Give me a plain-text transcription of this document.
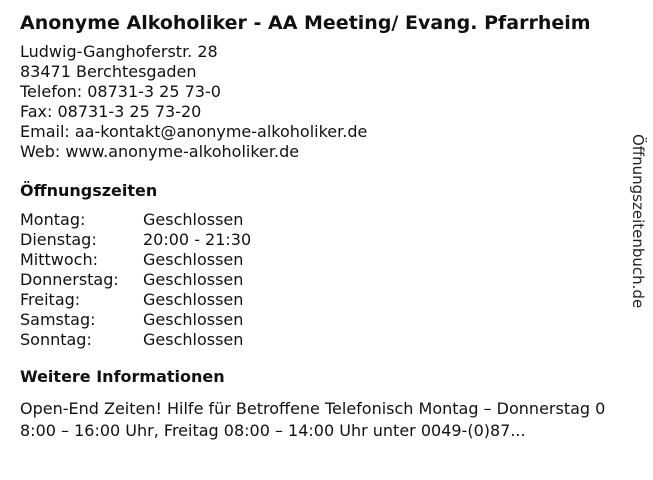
Anonyme Alkoholiker - AA Meeting/ Evang. Pfarrheim
Ludwig-Ganghoferstr. 28
83471 Berchtesgaden
Telefon: 08731-3 25 73-0
Fax: 08731-3 25 73-20
Email: aa-kontakt@anonyme-alkoholiker.de
Web: www.anonyme-alkoholiker.de
Öffnungszeiten
Montag:	Geschlossen
Dienstag:	20:00 - 21:30
Mittwoch:	Geschlossen
Donnerstag:	Geschlossen
Freitag:	Geschlossen
Samstag:	Geschlossen
Sonntag:	Geschlossen
Weitere Informationen
Open-End Zeiten! Hilfe für Betroffene Telefonisch Montag – Donnerstag 08:00 – 16:00 Uhr, Freitag 08:00 – 14:00 Uhr unter 0049-(0)87...
Öffnungszeitenbuch.de
